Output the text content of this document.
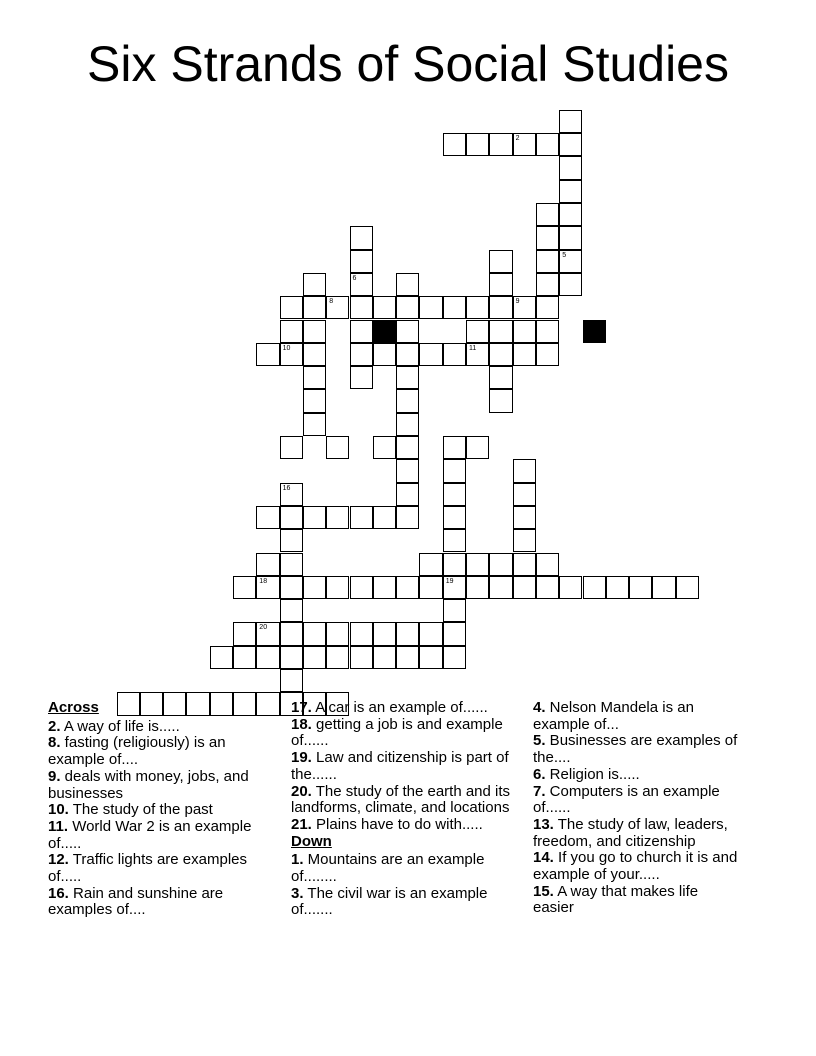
Six Strands of Social Studies
5
2
6
8	9
10	11
19
16
18
20

Across

2. A way of life is.....

8. fasting (religiously) is an example of....

9. deals with money, jobs, and businesses

10. The study of the past

11. World War 2 is an example of.....

12. Traffic lights are examples of.....

16. Rain and sunshine are examples of....

17. A car is an example of......

18. getting a job is and example of......

19. Law and citizenship is part of the......

20. The study of the earth and its landforms, climate, and locations

21. Plains have to do with.....

Down

1. Mountains are an example of........

3. The civil war is an example of.......

4. Nelson Mandela is an example of...

5. Businesses are examples of the....

6. Religion is.....

7. Computers is an example of......

13. The study of law, leaders, freedom, and citizenship

14. If you go to church it is and example of your.....

15. A way that makes life easier
